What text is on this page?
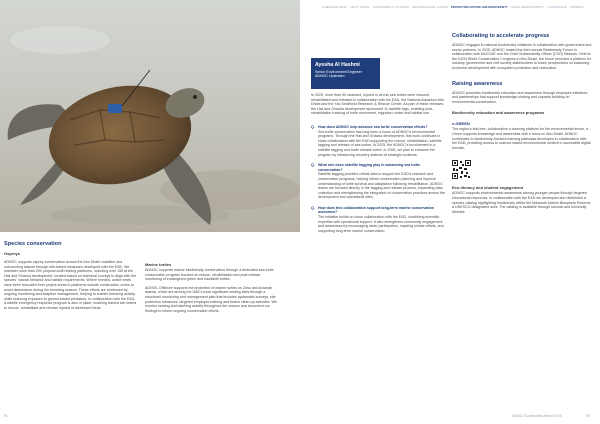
Species conservation
Ospreys
ADNOC supports osprey conservation across the Abu Dhabi coastline and surrounding islands through site-based measures developed with the EAD. We maintain more than 200 purpose-built nesting platforms, including over 150 at the Hail and Ghasha development, located based on technical surveys to align with the species' natural behavior and habitat requirements. Where needed, active nests have been relocated from project areas to platforms outside construction zones to avoid disturbance during the breeding season. These efforts are reinforced by ongoing monitoring and adaptive management, helping to sustain breeding activity while reducing exposure to ground-based predators. In collaboration with the EAD, a wildlife emergency response program is also in place, enabling trained site teams to rescue, rehabilitate and release injured or distressed birds.
Marine turtles
ADNOC supports marine biodiversity conservation through a dedicated sea turtle conservation program focused on rescue, rehabilitation and post-release monitoring of endangered green and hawksbill turtles.
ADNOC Offshore supports the protection of marine turtles on Zirku and Arzanah islands, which are among the UAE's most significant nesting sites through a structured monitoring and management plan that includes systematic surveys, site protection measures, targeted employee training and beach clean-up activities. We monitor nesting and hatching activity throughout the season and document our findings to inform ongoing conservation efforts.
94
A MESSAGE FROM ABOUT ADNOC SUSTAINABILITY AT ADNOC RESILIENCE AND CLIMATE PROTECTING NATURE AND BIODIVERSITY SOCIAL RESPONSIBILITY GOVERNANCE APPENDIX
Ayesha Al Hashmi
Senior Environment Engineer
ADNOC Upstream
In 2025, more than 50 stranded, injured or at-risk sea turtles were rescued, rehabilitated and released in collaboration with the EAD, the National Aquarium Abu Dhabi and the Yas SeaWorld Research & Rescue Center. As part of these releases, the Hail and Ghasha development sponsored 11 satellite tags, enabling post-rehabilitation tracking of turtle movement, migration routes and habitat use.
Q. How does ADNOC help advance sea turtle conservation efforts?
Sea turtle conservation has long been a focus of ADNOC's environmental programs. Through the Hail and Ghasha development, this work continues in close collaboration with the EAD supporting the rescue, rehabilitation, satellite tagging and release of sea turtles. In 2025, the ADNOC's involvement in a satellite tagging and turtle release event. In 2026, we plan to enhance the program by introducing recovery stations at strategic locations.
Q. What role does satellite tagging play in advancing sea turtle conservation?
Satellite tagging provides critical data to support the EAD's research and conservation programs, helping inform conservation planning and improve understanding of turtle survival and adaptation following rehabilitation. ADNOC teams are focused directly in the tagging and release process, expanding data collection and strengthening the integration of conservation practices across the development and operational sites.
Q. How does this collaboration support long-term marine conservation outcomes?
The initiative builds on close collaboration with the EAD, combining scientific expertise with operational support. It also strengthens community engagement and awareness by encouraging wider participation, inspiring similar efforts, and supporting long-term marine conservation.
Collaborating to accelerate progress
ADNOC engages in national biodiversity initiatives in collaboration with government and sector partners. In 2025, ADNOC hosted the third annual Biodiversity Forum in collaboration with MoCCAE and the Chief Sustainability Officer (CSO) Network. Held at the IUCN World Conservation Congress in Abu Dhabi, the forum provided a platform for industry, government and civil society stakeholders to share perspectives on balancing economic development with ecosystem protection and restoration.
Raising awareness
ADNOC promotes biodiversity education and awareness through employee initiatives and partnerships that support knowledge-sharing and capacity building on environmental conservation.
Biodiversity education and awareness programs
e-GREEN
The region's first free, collaborative e-learning platform for the environmental sector, e-Green supports knowledge and awareness with a focus on Abu Dhabi. ADNOC contributes to biodiversity-focused learning pathways developed in collaboration with the EAD, providing access to science-based environmental content in accessible digital formats.
Eco-literacy and student engagement
ADNOC supports environmental awareness among younger people through targeted educational resources. In collaboration with the EAD we developed and distributed a species catalog highlighting biodiversity within the Marawah Marine Biosphere Reserve, a UNESCO-designated area. The catalog is available through schools and university libraries.
ADNOC Sustainability Report 2025	95
